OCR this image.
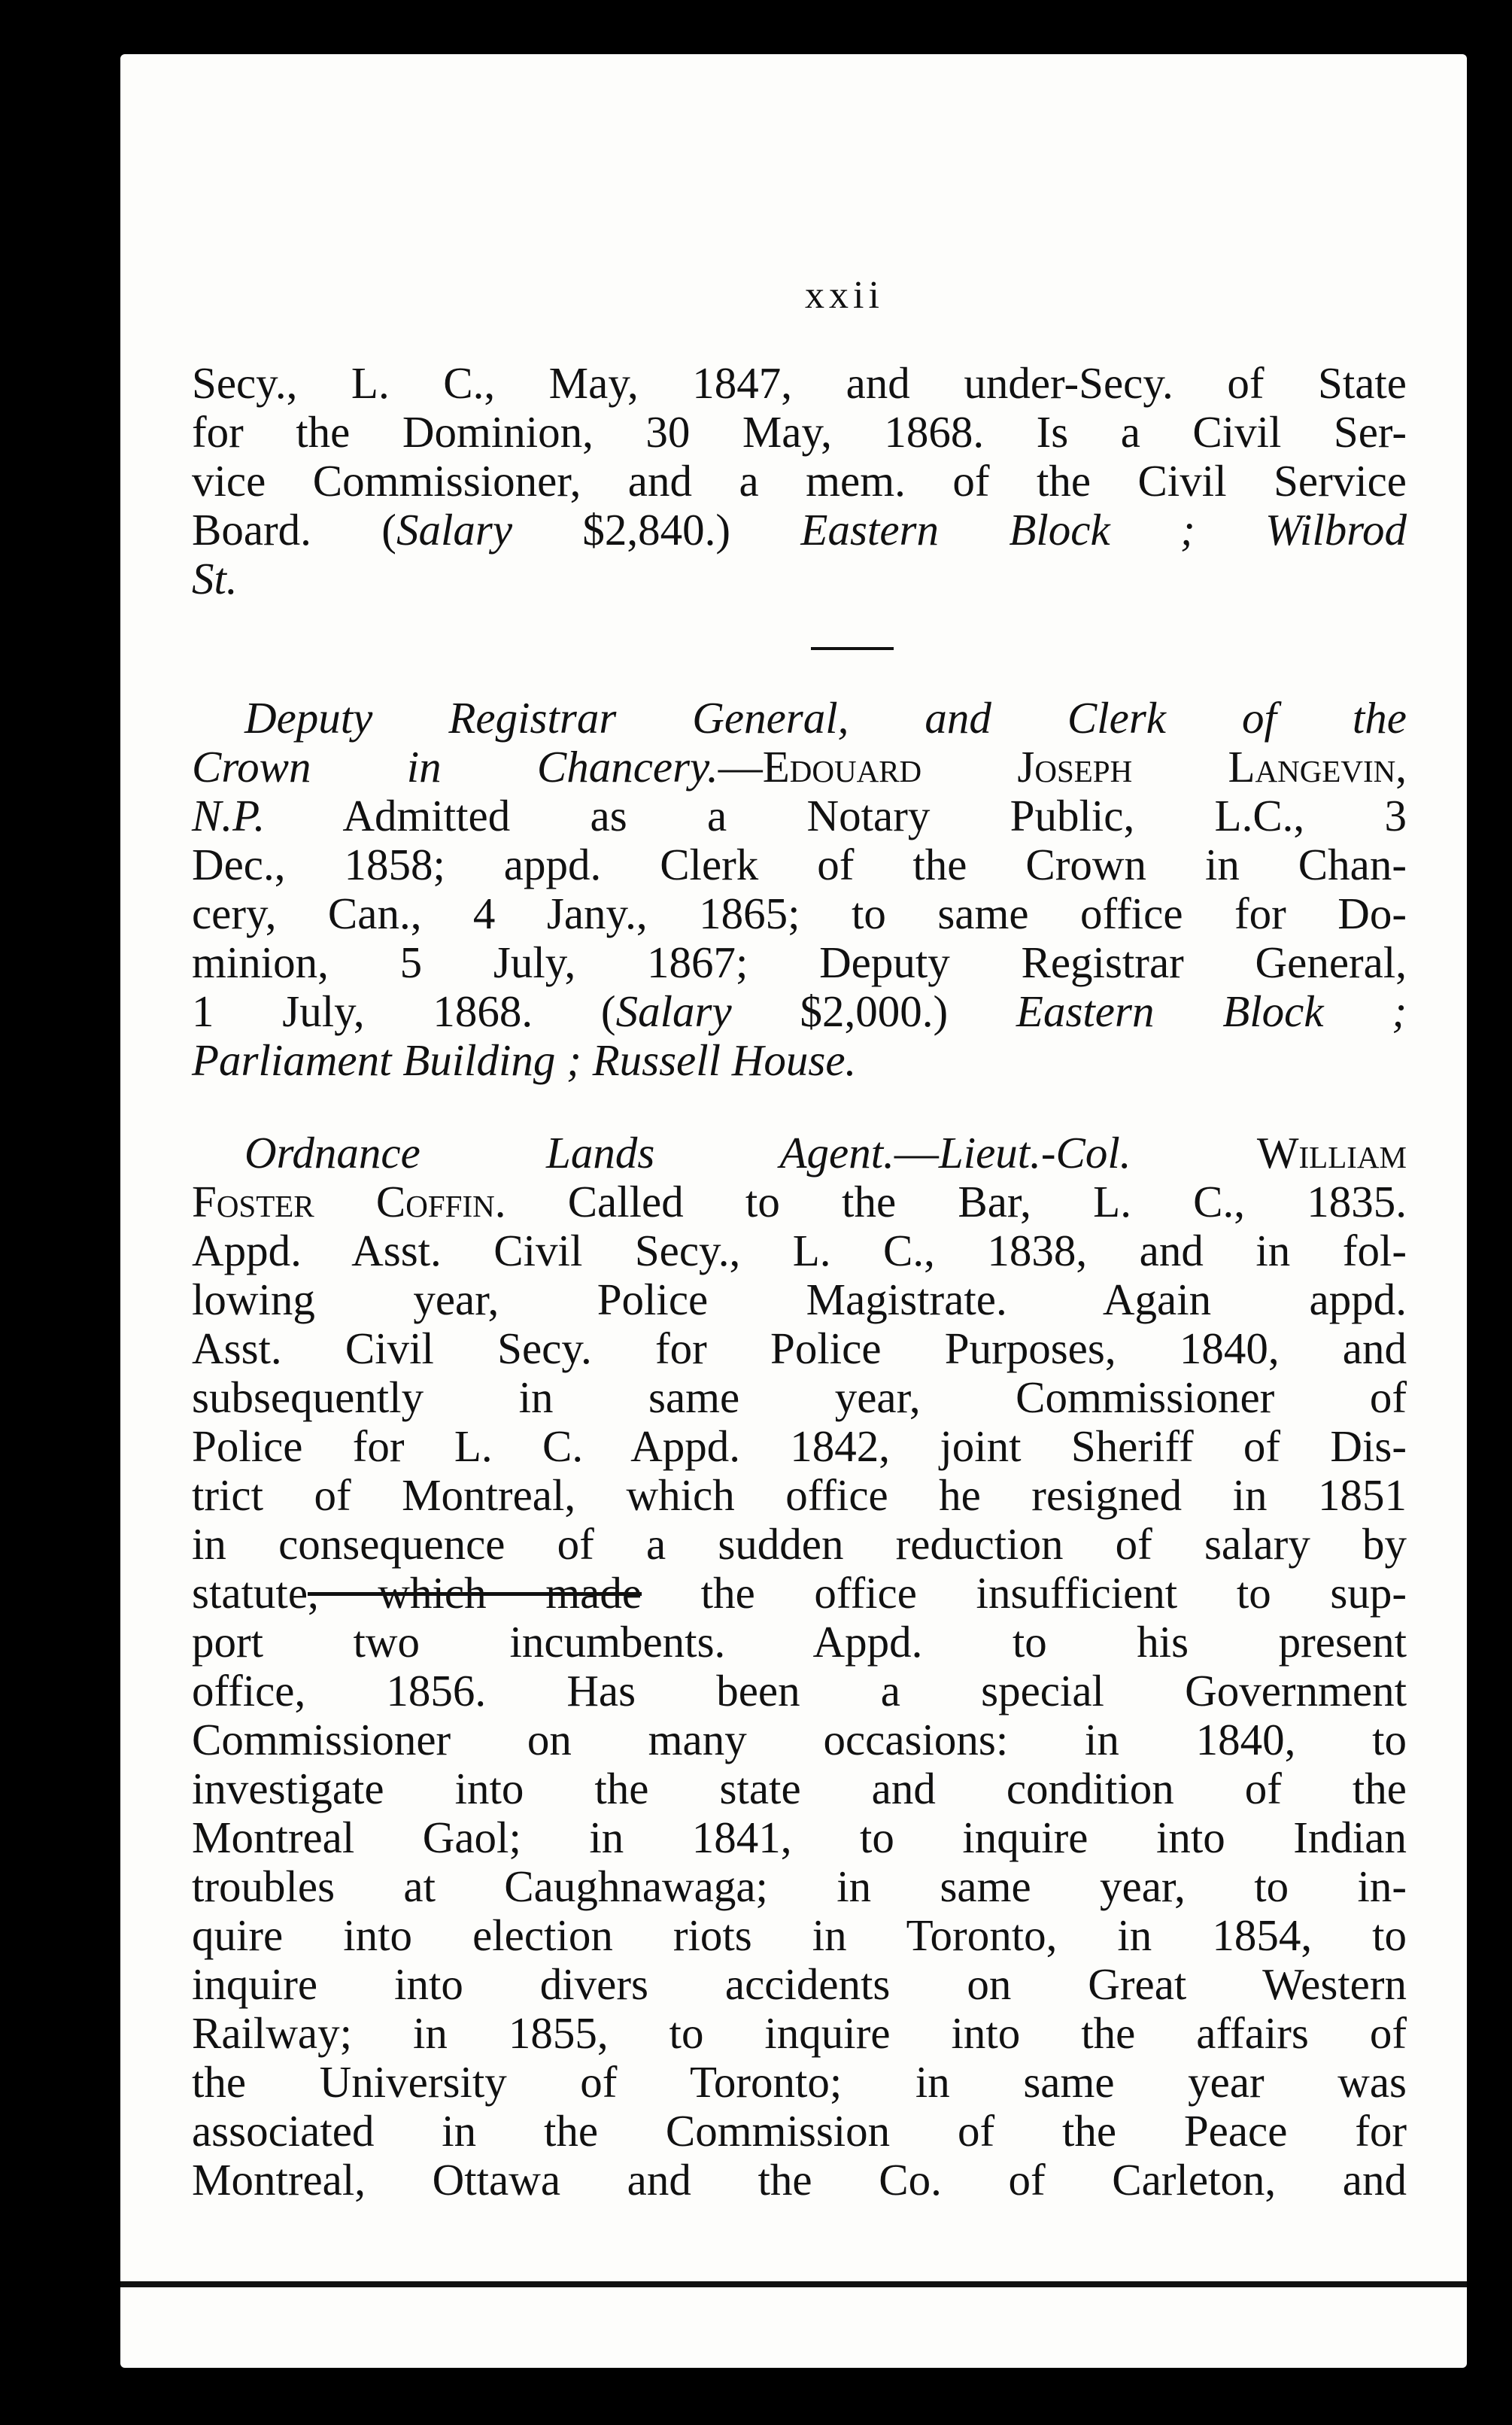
xxii

Secy., L. C., May, 1847, and under-Secy. of State
for the Dominion, 30 May, 1868. Is a Civil Ser-
vice Commissioner, and a mem. of the Civil Service
Board. (Salary $2,840.) Eastern Block ; Wilbrod
St.

Deputy Registrar General, and Clerk of the
Crown in Chancery.—Edouard Joseph Langevin,
N.P. Admitted as a Notary Public, L.C., 3
Dec., 1858; appd. Clerk of the Crown in Chan-
cery, Can., 4 Jany., 1865; to same office for Do-
minion, 5 July, 1867; Deputy Registrar General,
1 July, 1868. (Salary $2,000.) Eastern Block ;
Parliament Building ; Russell House.

Ordnance Lands Agent.—Lieut.-Col.	William
Foster Coffin. Called to the Bar, L. C., 1835.
Appd. Asst. Civil Secy., L. C., 1838, and in fol-
lowing year, Police Magistrate. Again appd.
Asst. Civil Secy. for Police Purposes, 1840, and
subsequently in same year, Commissioner of
Police for L. C. Appd. 1842, joint Sheriff of Dis-
trict of Montreal, which office he resigned in 1851
in consequence of a sudden reduction of salary by
statute, which made the office insufficient to sup-
port two incumbents. Appd. to his present
office, 1856. Has been a special Government
Commissioner on many occasions: in 1840, to
investigate into the state and condition of the
Montreal Gaol; in 1841, to inquire into Indian
troubles at Caughnawaga; in same year, to in-
quire into election riots in Toronto, in 1854, to
inquire into divers accidents on Great Western
Railway; in 1855, to inquire into the affairs of
the University of Toronto; in same year was
associated in the Commission of the Peace for
Montreal, Ottawa and the Co. of Carleton, and
